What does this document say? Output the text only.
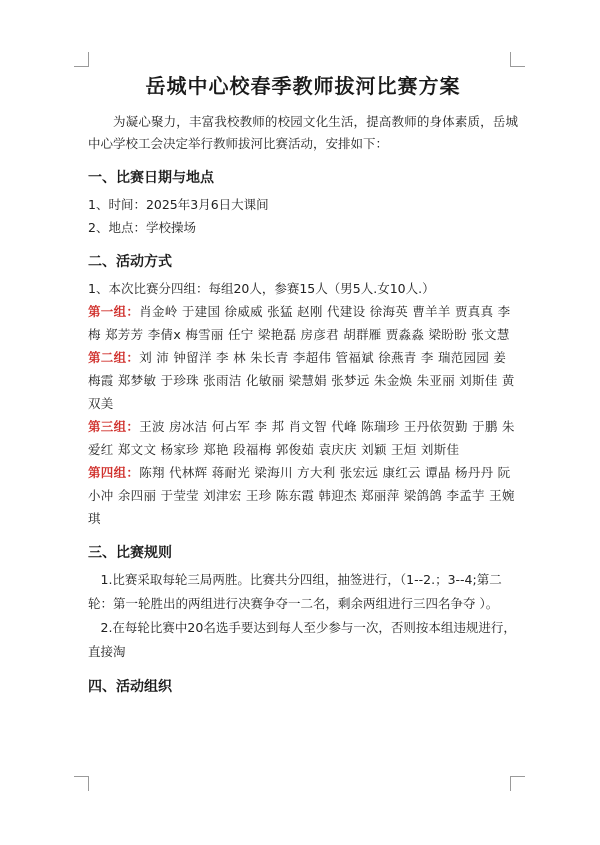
岳城中心校春季教师拔河比赛方案

为凝心聚力，丰富我校教师的校园文化生活，提高教师的身体素质，岳城中心学校工会决定举行教师拔河比赛活动，安排如下：

一、比赛日期与地点

1、时间：2025年3月6日大课间

2、地点：学校操场

二、活动方式

1、本次比赛分四组：每组20人，参赛15人（男5人.女10人.）

第一组：肖金岭 于建国 徐威威 张猛 赵刚 代建设 徐海英 曹羊羊 贾真真 李梅 郑芳芳 李倩x 梅雪丽 任宁 梁艳磊 房彦君 胡群雁 贾淼淼 梁盼盼 张文慧

第二组：刘 沛 钟留洋 李 林 朱长青 李超伟 管福斌 徐燕青 李 瑞范园园 姜梅霞 郑梦敏 于珍珠 张雨洁 化敏丽 梁慧娟 张梦远 朱金焕 朱亚丽 刘斯佳 黄双美

第三组：王波 房冰洁 何占军 李 邦 肖文智 代峰 陈瑞珍 王丹依贺勤 于鹏 朱爱红 郑文文 杨家珍 郑艳 段福梅 郭俊茹 袁庆庆 刘颖 王烜 刘斯佳

第四组：陈翔 代林辉 蒋耐光 梁海川 方大利 张宏远 康红云 谭晶 杨丹丹 阮小冲 余四丽 于莹莹 刘津宏 王珍 陈东霞 韩迎杰 郑丽萍 梁鸽鸽 李孟芋 王婉琪

三、比赛规则

1.比赛采取每轮三局两胜。比赛共分四组，抽签进行，（1--2.；3--4;第二轮：第一轮胜出的两组进行决赛争夺一二名，剩余两组进行三四名争夺 ）。

2.在每轮比赛中20名选手要达到每人至少参与一次，否则按本组违规进行，直接淘

四、活动组织
